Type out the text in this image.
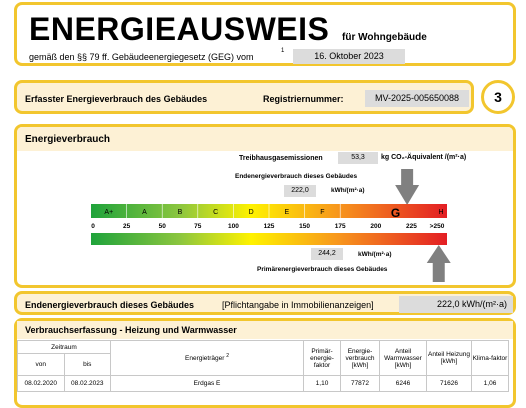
ENERGIEAUSWEIS für Wohngebäude
gemäß den §§ 79 ff. Gebäudeenergiegesetz (GEG) vom
1	16. Oktober 2023
Erfasster Energieverbrauch des Gebäudes	Registriernummer:	MV-2025-005650088	3
Energieverbrauch
Treibhausgasemissionen	53,3	kg CO₂-Äquivalent /(m²·a)
Endenergieverbrauch dieses Gebäudes
222,0	kWh/(m²·a)
A+	A	B	C	D	E	F	G	H
0	25	50	75	100	125	150	175	200	225 >250
244,2	kWh/(m²·a)
Primärenergieverbrauch dieses Gebäudes
Endenergieverbrauch dieses Gebäudes	[Pflichtangabe in Immobilienanzeigen]	222,0 kWh/(m²·a)
Verbrauchserfassung - Heizung und Warmwasser
Zeitraum		Energieträger $^2$	Primär-energie-faktor	Energie-verbrauch [kWh]	Anteil Warmwasser [kWh]	Anteil Heizung [kWh]	Klima-faktor
von	bis						
08.02.2020	08.02.2023	Erdgas E	1,10	77872	6246	71626	1,06
